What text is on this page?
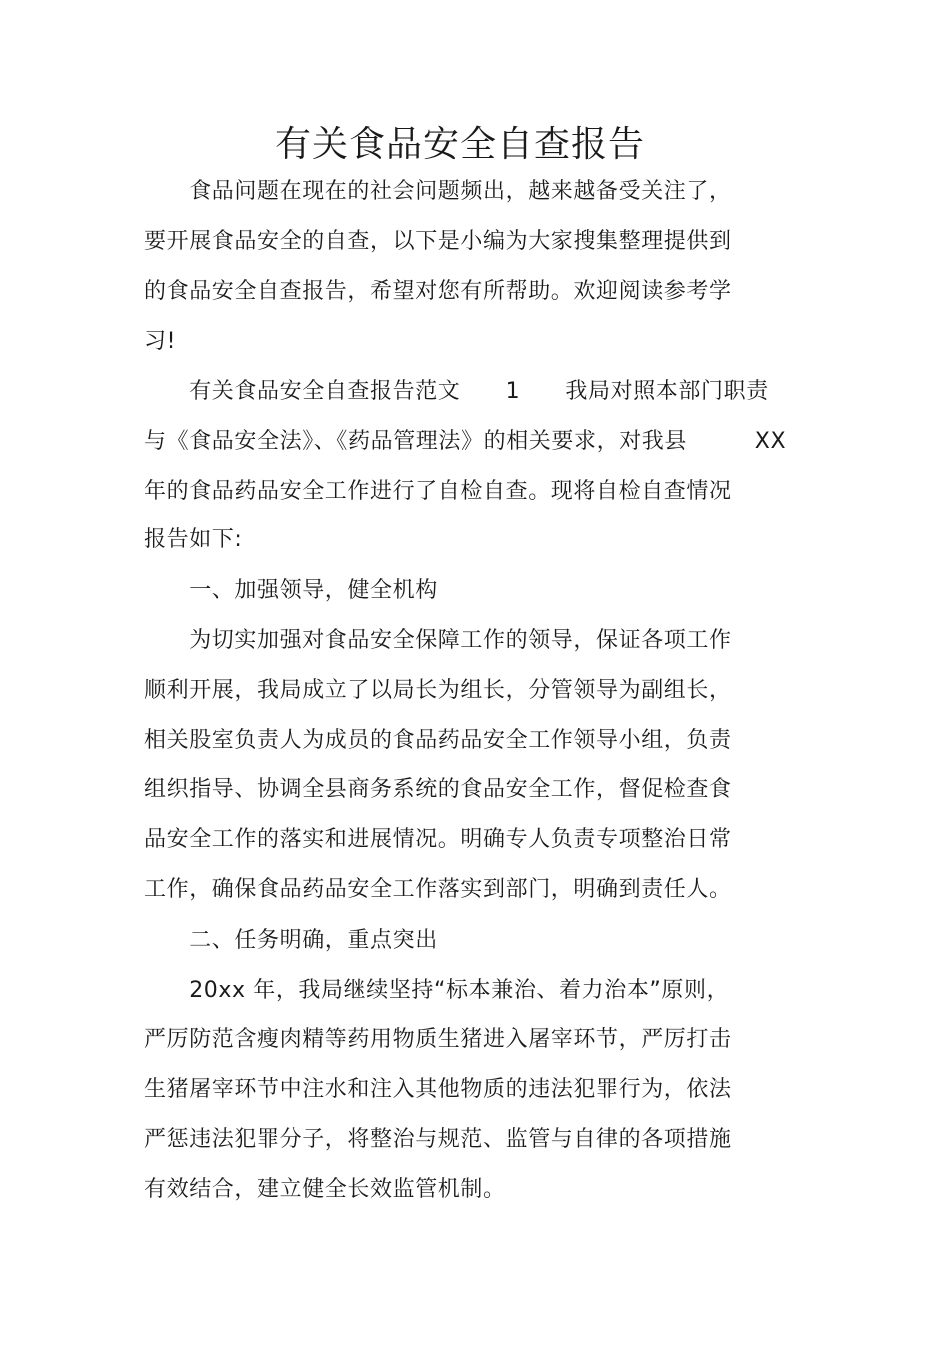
有关食品安全自查报告
　　食品问题在现在的社会问题频出，越来越备受关注了，
要开展食品安全的自查，以下是小编为大家搜集整理提供到
的食品安全自查报告，希望对您有所帮助。欢迎阅读参考学
习!
　　有关食品安全自查报告范文　　1　　我局对照本部门职责
与《食品安全法》、《药品管理法》的相关要求，对我县　　　XX
年的食品药品安全工作进行了自检自查。现将自检自查情况
报告如下:
　　一、加强领导，健全机构
　　为切实加强对食品安全保障工作的领导，保证各项工作
顺利开展，我局成立了以局长为组长，分管领导为副组长，
相关股室负责人为成员的食品药品安全工作领导小组，负责
组织指导、协调全县商务系统的食品安全工作，督促检查食
品安全工作的落实和进展情况。明确专人负责专项整治日常
工作，确保食品药品安全工作落实到部门，明确到责任人。
　　二、任务明确，重点突出
　　20xx 年，我局继续坚持“标本兼治、着力治本”原则，
严厉防范含瘦肉精等药用物质生猪进入屠宰环节，严厉打击
生猪屠宰环节中注水和注入其他物质的违法犯罪行为，依法
严惩违法犯罪分子，将整治与规范、监管与自律的各项措施
有效结合，建立健全长效监管机制。
